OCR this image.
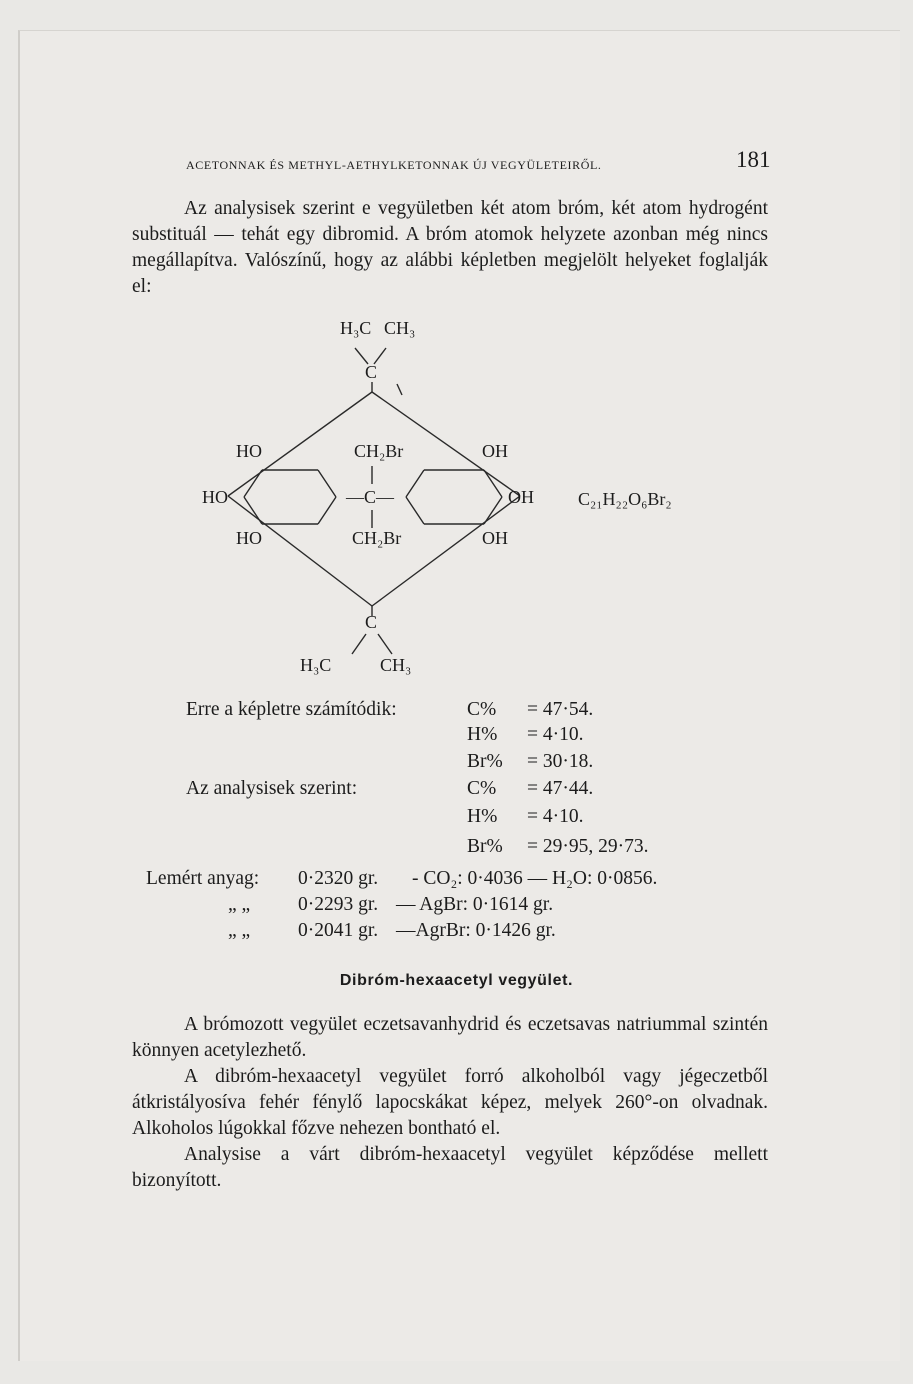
ACETONNAK ÉS METHYL-AETHYLKETONNAK ÚJ VEGYÜLETEIRŐL.	181
Az analysisek szerint e vegyületben két atom bróm, két atom hydrogént substituál — tehát egy dibromid. A bróm atomok helyzete azonban még nincs megállapítva. Valószínű, hogy az alábbi képletben megjelölt helyeket foglalják el:
H₃C CH₃
C
HO	CH₂Br	OH
HO	—C—	OH C₂₁H₂₂O₆Br₂
HO	CH₂Br	OH
C
H₃C	CH₃
Erre a képletre számítódik:	C% = 47·54.
H% = 4·10.
Br% = 30·18.
Az analysisek szerint:	C% = 47·44.
H% = 4·10.
Br% = 29·95, 29·73.
Lemért anyag: 0·2320 gr. - CO₂: 0·4036 — H₂O: 0·0856.
„ „ 0·2293 gr. — AgBr: 0·1614 gr.
„ „ 0·2041 gr. —AgrBr: 0·1426 gr.
Dibróm-hexaacetyl vegyület.
A brómozott vegyület eczetsavanhydrid és eczetsavas natriummal szintén könnyen acetylezhető.
A dibróm-hexaacetyl vegyület forró alkoholból vagy jégeczetből átkristályosíva fehér fénylő lapocskákat képez, melyek 260°-on olvadnak. Alkoholos lúgokkal főzve nehezen bontható el.
Analysise a várt dibróm-hexaacetyl vegyület képződése mellett bizonyított.
